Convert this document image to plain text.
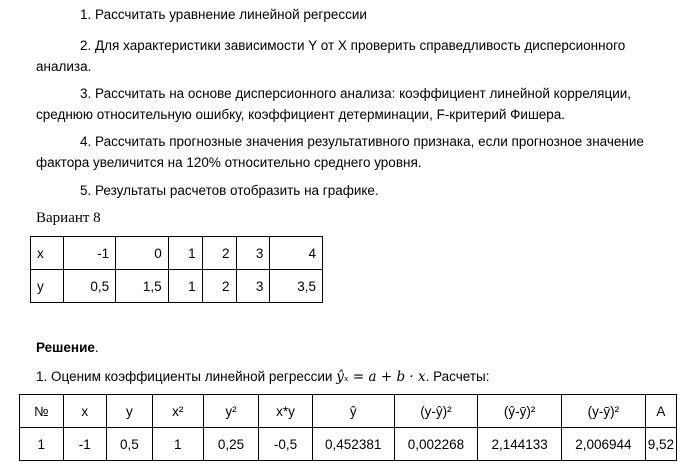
1. Рассчитать уравнение линейной регрессии
2. Для характеристики зависимости Y от X проверить справедливость дисперсионного
анализа.
3. Рассчитать на основе дисперсионного анализа: коэффициент линейной корреляции,
среднюю относительную ошибку, коэффициент детерминации, F-критерий Фишера.
4. Рассчитать прогнозные значения результативного признака, если прогнозное значение
фактора увеличится на 120% относительно среднего уровня.
5. Результаты расчетов отобразить на графике.
Вариант 8
x	-1	0	1	2	3	4
y	0,5	1,5	1	2	3	3,5
Решение.
1. Оценим коэффициенты линейной регрессии ŷₓ = a + b · x. Расчеты:
№	x	y	x²	y²	x*y	ŷ	(y-ŷ)²	(ŷ-ȳ)²	(y-ȳ)²	A
1	-1	0,5	1	0,25	-0,5	0,452381	0,002268	2,144133	2,006944	9,52
